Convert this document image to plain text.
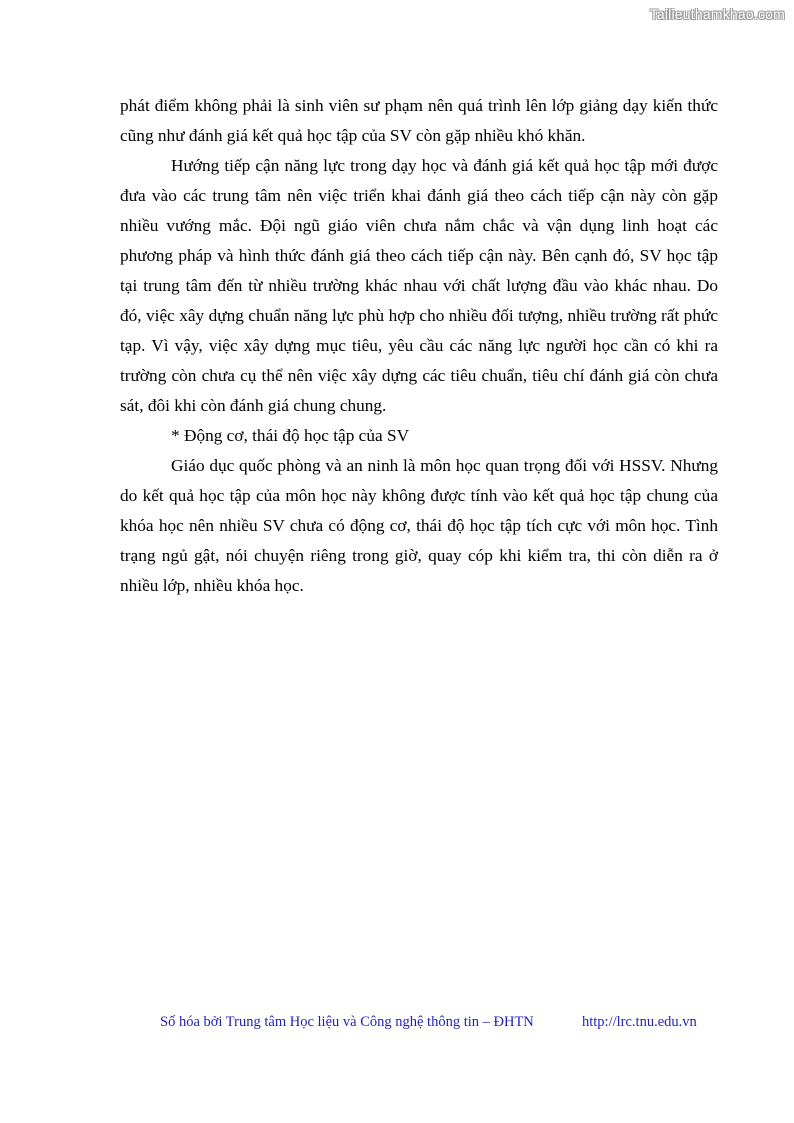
Tailieuthamkhao.com

phát điểm không phải là sinh viên sư phạm nên quá trình lên lớp giảng dạy kiến thức cũng như đánh giá kết quả học tập của SV còn gặp nhiều khó khăn.

Hướng tiếp cận năng lực trong dạy học và đánh giá kết quả học tập mới được đưa vào các trung tâm nên việc triển khai đánh giá theo cách tiếp cận này còn gặp nhiều vướng mắc. Đội ngũ giáo viên chưa nắm chắc và vận dụng linh hoạt các phương pháp và hình thức đánh giá theo cách tiếp cận này. Bên cạnh đó, SV học tập tại trung tâm đến từ nhiều trường khác nhau với chất lượng đầu vào khác nhau. Do đó, việc xây dựng chuẩn năng lực phù hợp cho nhiều đối tượng, nhiều trường rất phức tạp. Vì vậy, việc xây dựng mục tiêu, yêu cầu các năng lực người học cần có khi ra trường còn chưa cụ thể nên việc xây dựng các tiêu chuẩn, tiêu chí đánh giá còn chưa sát, đôi khi còn đánh giá chung chung.

* Động cơ, thái độ học tập của SV

Giáo dục quốc phòng và an ninh là môn học quan trọng đối với HSSV. Nhưng do kết quả học tập của môn học này không được tính vào kết quả học tập chung của khóa học nên nhiều SV chưa có động cơ, thái độ học tập tích cực với môn học. Tình trạng ngủ gật, nói chuyện riêng trong giờ, quay cóp khi kiểm tra, thi còn diễn ra ở nhiều lớp, nhiều khóa học.

Số hóa bởi Trung tâm Học liệu và Công nghệ thông tin – ĐHTN	http://lrc.tnu.edu.vn
